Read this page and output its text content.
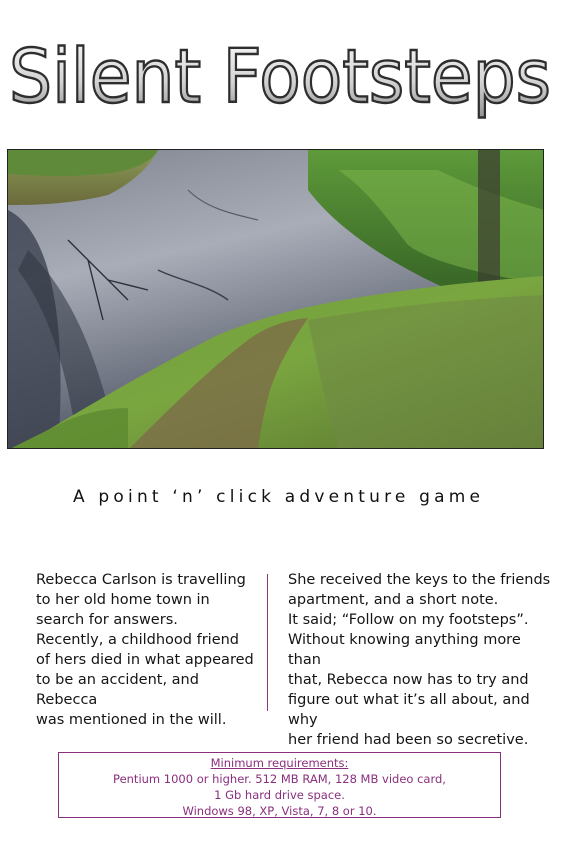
Silent Footsteps
A point ‘n’ click adventure game
Rebecca Carlson is travelling
to her old home town in
search for answers.
Recently, a childhood friend
of hers died in what appeared
to be an accident, and Rebecca
was mentioned in the will.
She received the keys to the friends
apartment, and a short note.
It said; “Follow on my footsteps”.
Without knowing anything more than
that, Rebecca now has to try and
figure out what it’s all about, and why
her friend had been so secretive.
Minimum requirements:
Pentium 1000 or higher. 512 MB RAM, 128 MB video card,
1 Gb hard drive space.
Windows 98, XP, Vista, 7, 8 or 10.
